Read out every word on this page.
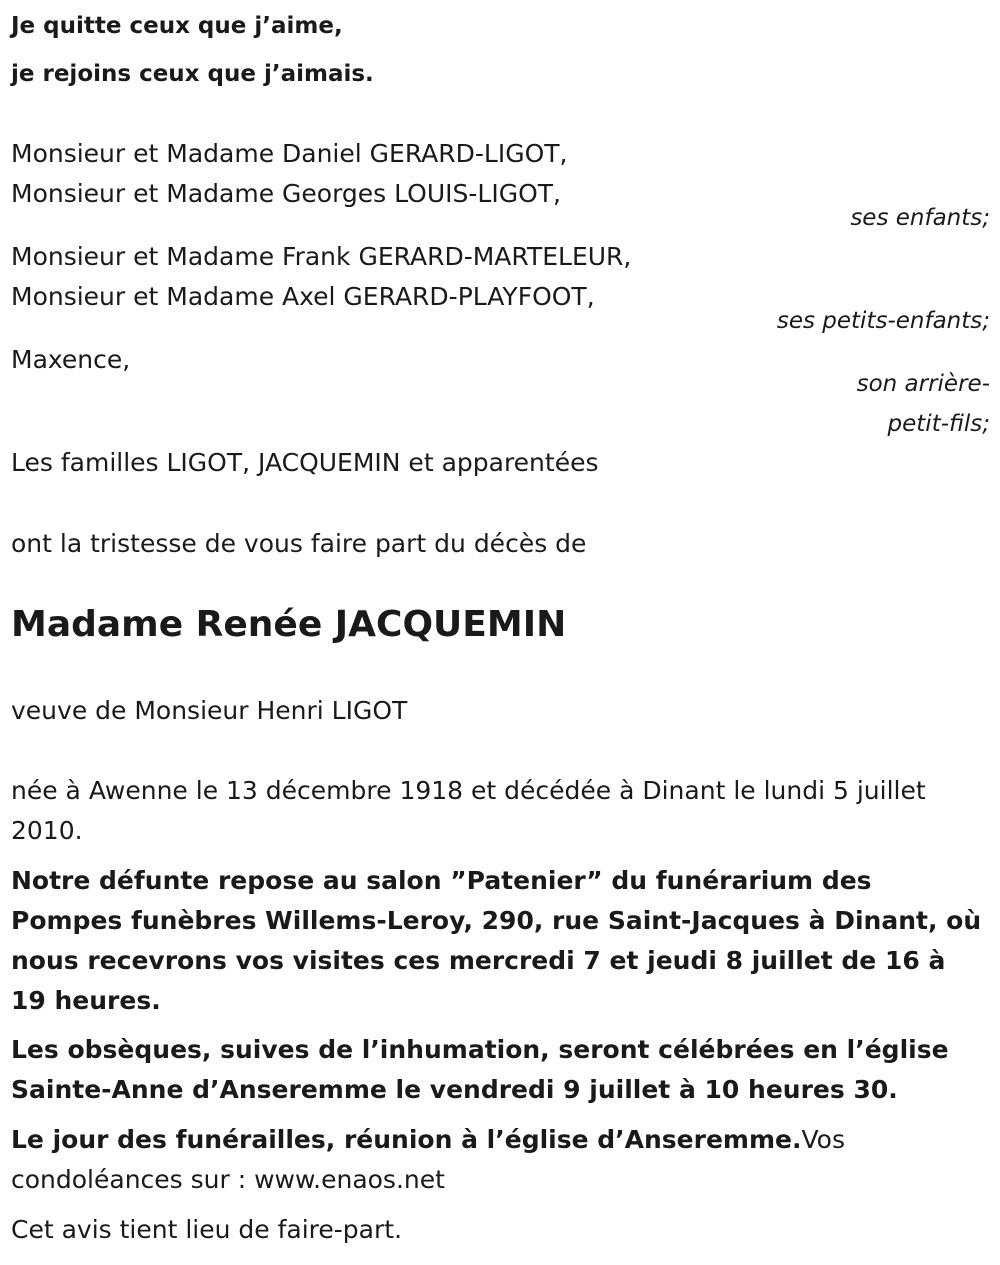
Je quitte ceux que j’aime,
je rejoins ceux que j’aimais.
Monsieur et Madame Daniel GERARD-LIGOT,
Monsieur et Madame Georges LOUIS-LIGOT,
ses enfants;
Monsieur et Madame Frank GERARD-MARTELEUR,
Monsieur et Madame Axel GERARD-PLAYFOOT,
ses petits-enfants;
Maxence,
son arrière-
petit-fils;
Les familles LIGOT, JACQUEMIN et apparentées
ont la tristesse de vous faire part du décès de
Madame Renée JACQUEMIN
veuve de Monsieur Henri LIGOT
née à Awenne le 13 décembre 1918 et décédée à Dinant le lundi 5 juillet
2010.
Notre défunte repose au salon ”Patenier” du funérarium des Pompes funèbres Willems-Leroy, 290, rue Saint-Jacques à Dinant, où nous recevrons vos visites ces mercredi 7 et jeudi 8 juillet de 16 à 19 heures.
Les obsèques, suives de l’inhumation, seront célébrées en l’église Sainte-Anne d’Anseremme le vendredi 9 juillet à 10 heures 30.
Le jour des funérailles, réunion à l’église d’Anseremme.Vos condoléances sur : www.enaos.net
Cet avis tient lieu de faire-part.
